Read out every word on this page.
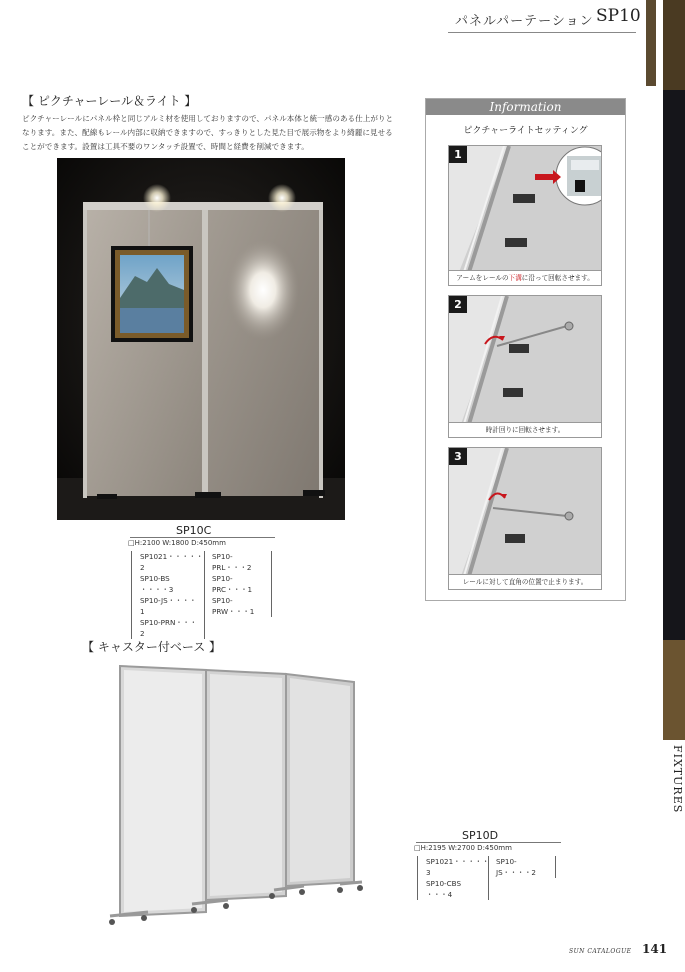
パネルパーテーション SP10
FIXTURES
【 ピクチャーレール＆ライト 】
ピクチャーレールにパネル枠と同じアルミ材を使用しておりますので、パネル本体と統一感のある仕上がりとなります。また、配線もレール内部に収納できますので、すっきりとした見た目で展示物をより綺麗に見せることができます。設置は工具不要のワンタッチ設置で、時間と経費を削減できます。
SP10C
□H:2100 W:1800 D:450mm
SP1021・・・・・2
SP10-BS ・・・・3
SP10-JS・・・・1
SP10-PRN・・・2
SP10-PRL・・・2
SP10-PRC・・・1
SP10-PRW・・・1
Information
ピクチャーライトセッティング
1
アームをレールの下溝に沿って回転させます。
2
時計回りに回転させます。
3
レールに対して直角の位置で止まります。
【 キャスター付ベース 】
SP10D
□H:2195 W:2700 D:450mm
SP1021・・・・・3
SP10-CBS ・・・4
SP10-JS・・・・2
SUN CATALOGUE 141
